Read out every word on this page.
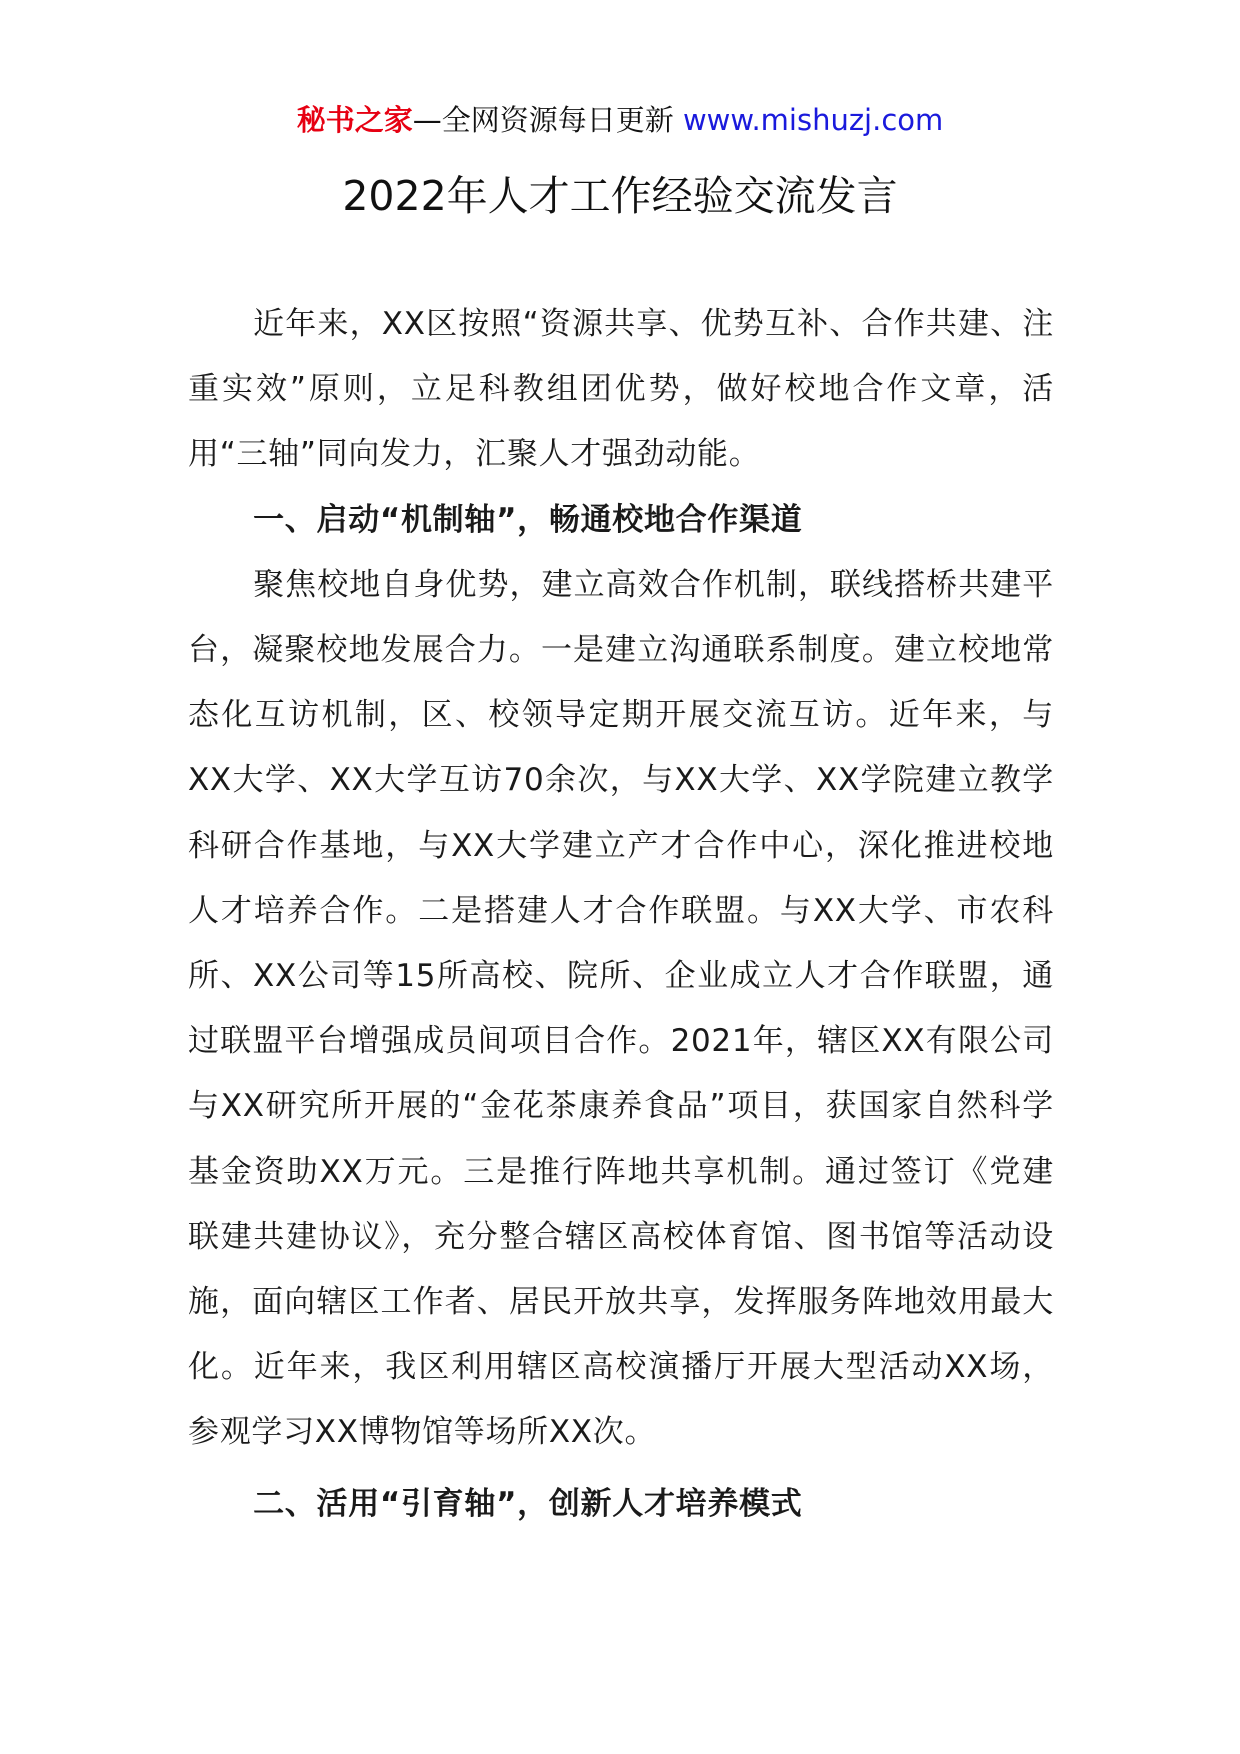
秘书之家—全网资源每日更新 www.mishuzj.com
2022年人才工作经验交流发言

近年来，XX区按照“资源共享、优势互补、合作共建、注重实效”原则，立足科教组团优势，做好校地合作文章，活用“三轴”同向发力，汇聚人才强劲动能。

一、启动“机制轴”，畅通校地合作渠道

聚焦校地自身优势，建立高效合作机制，联线搭桥共建平台，凝聚校地发展合力。一是建立沟通联系制度。建立校地常态化互访机制，区、校领导定期开展交流互访。近年来，与XX大学、XX大学互访70余次，与XX大学、XX学院建立教学科研合作基地，与XX大学建立产才合作中心，深化推进校地人才培养合作。二是搭建人才合作联盟。与XX大学、市农科所、XX公司等15所高校、院所、企业成立人才合作联盟，通过联盟平台增强成员间项目合作。2021年，辖区XX有限公司与XX研究所开展的“金花茶康养食品”项目，获国家自然科学基金资助XX万元。三是推行阵地共享机制。通过签订《党建联建共建协议》，充分整合辖区高校体育馆、图书馆等活动设施，面向辖区工作者、居民开放共享，发挥服务阵地效用最大化。近年来，我区利用辖区高校演播厅开展大型活动XX场，参观学习XX博物馆等场所XX次。

二、活用“引育轴”，创新人才培养模式
